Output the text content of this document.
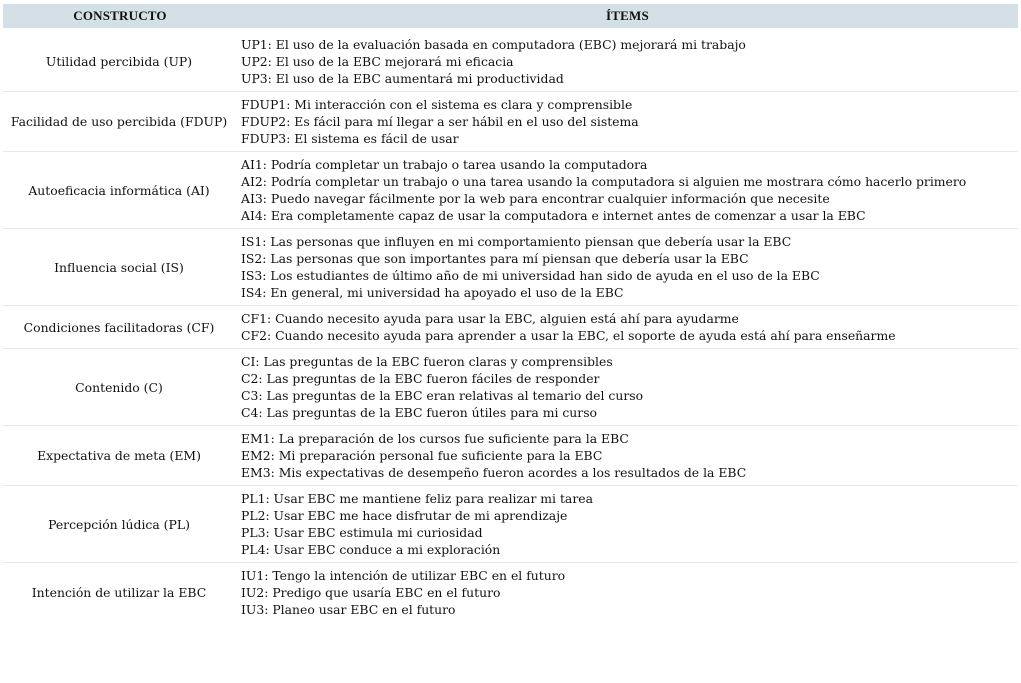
CONSTRUCTO	ÍTEMS
Utilidad percibida (UP)
UP1: El uso de la evaluación basada en computadora (EBC) mejorará mi trabajo
UP2: El uso de la EBC mejorará mi eficacia
UP3: El uso de la EBC aumentará mi productividad
Facilidad de uso percibida (FDUP)
FDUP1: Mi interacción con el sistema es clara y comprensible
FDUP2: Es fácil para mí llegar a ser hábil en el uso del sistema
FDUP3: El sistema es fácil de usar
Autoeficacia informática (AI)
AI1: Podría completar un trabajo o tarea usando la computadora
AI2: Podría completar un trabajo o una tarea usando la computadora si alguien me mostrara cómo hacerlo primero
AI3: Puedo navegar fácilmente por la web para encontrar cualquier información que necesite
AI4: Era completamente capaz de usar la computadora e internet antes de comenzar a usar la EBC
Influencia social (IS)
IS1: Las personas que influyen en mi comportamiento piensan que debería usar la EBC
IS2: Las personas que son importantes para mí piensan que debería usar la EBC
IS3: Los estudiantes de último año de mi universidad han sido de ayuda en el uso de la EBC
IS4: En general, mi universidad ha apoyado el uso de la EBC
Condiciones facilitadoras (CF)
CF1: Cuando necesito ayuda para usar la EBC, alguien está ahí para ayudarme
CF2: Cuando necesito ayuda para aprender a usar la EBC, el soporte de ayuda está ahí para enseñarme
Contenido (C)
CI: Las preguntas de la EBC fueron claras y comprensibles
C2: Las preguntas de la EBC fueron fáciles de responder
C3: Las preguntas de la EBC eran relativas al temario del curso
C4: Las preguntas de la EBC fueron útiles para mi curso
Expectativa de meta (EM)
EM1: La preparación de los cursos fue suficiente para la EBC
EM2: Mi preparación personal fue suficiente para la EBC
EM3: Mis expectativas de desempeño fueron acordes a los resultados de la EBC
Percepción lúdica (PL)
PL1: Usar EBC me mantiene feliz para realizar mi tarea
PL2: Usar EBC me hace disfrutar de mi aprendizaje
PL3: Usar EBC estimula mi curiosidad
PL4: Usar EBC conduce a mi exploración
Intención de utilizar la EBC
IU1: Tengo la intención de utilizar EBC en el futuro
IU2: Predigo que usaría EBC en el futuro
IU3: Planeo usar EBC en el futuro
